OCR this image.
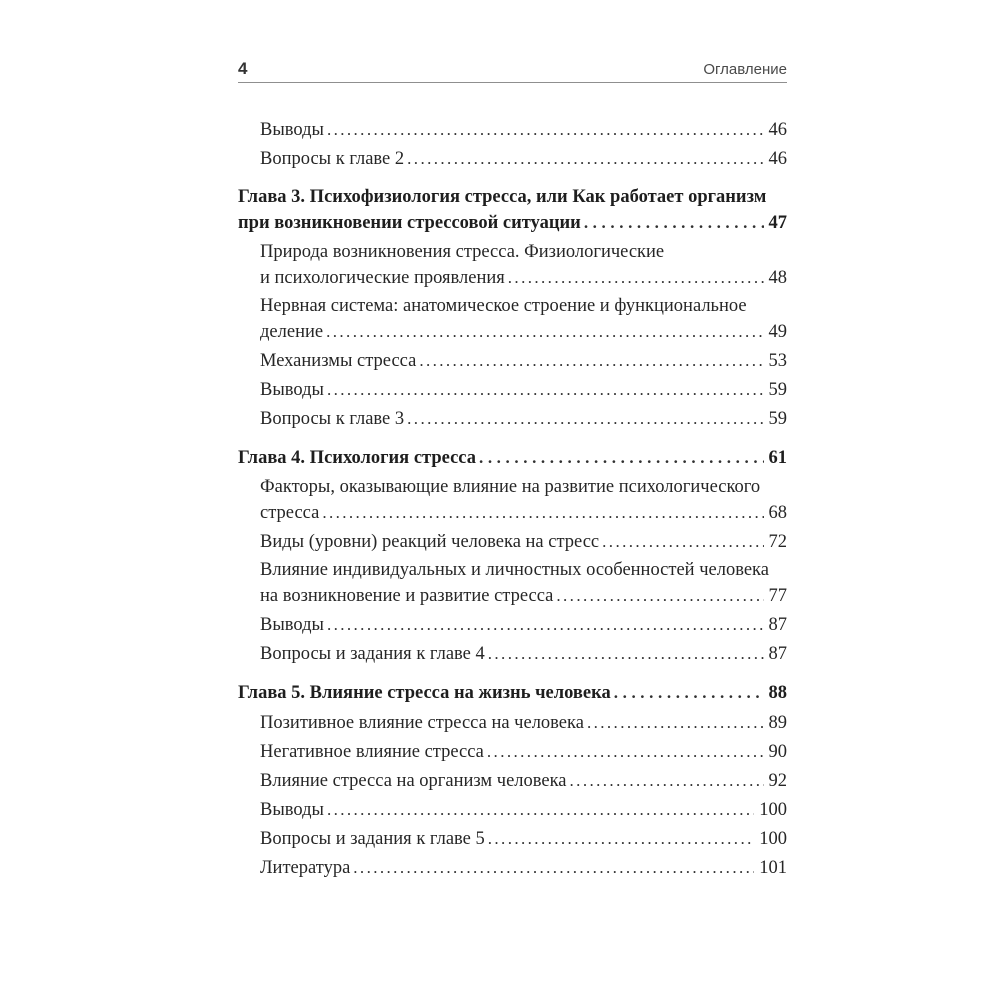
4	Оглавление
Выводы .....	46
Вопросы к главе 2 .....	46
Глава 3. Психофизиология стресса, или Как работает организм
при возникновении стрессовой ситуации .....	47
Природа возникновения стресса. Физиологические
и психологические проявления .....	48
Нервная система: анатомическое строение и функциональное
деление .....	49
Механизмы стресса .....	53
Выводы .....	59
Вопросы к главе 3 .....	59
Глава 4. Психология стресса .....	61
Факторы, оказывающие влияние на развитие психологического
стресса .....	68
Виды (уровни) реакций человека на стресс .....	72
Влияние индивидуальных и личностных особенностей человека
на возникновение и развитие стресса .....	77
Выводы .....	87
Вопросы и задания к главе 4 .....	87
Глава 5. Влияние стресса на жизнь человека .....	88
Позитивное влияние стресса на человека .....	89
Негативное влияние стресса .....	90
Влияние стресса на организм человека .....	92
Выводы .....	100
Вопросы и задания к главе 5 .....	100
Литература .....	101
